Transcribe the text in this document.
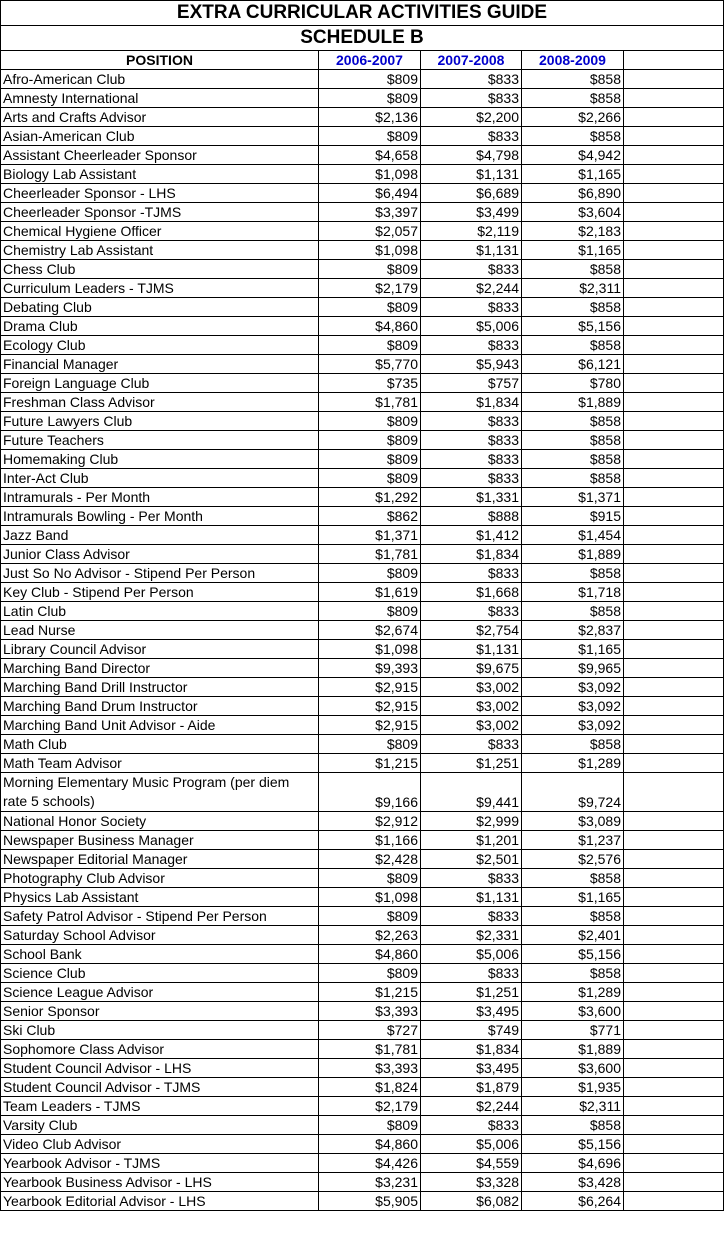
EXTRA CURRICULAR ACTIVITIES GUIDE				
SCHEDULE B				
POSITION	2006-2007	2007-2008	2008-2009	
Afro-American Club	$809	$833	$858	
Amnesty International	$809	$833	$858	
Arts and Crafts Advisor	$2,136	$2,200	$2,266	
Asian-American Club	$809	$833	$858	
Assistant Cheerleader Sponsor	$4,658	$4,798	$4,942	
Biology Lab Assistant	$1,098	$1,131	$1,165	
Cheerleader Sponsor - LHS	$6,494	$6,689	$6,890	
Cheerleader Sponsor -TJMS	$3,397	$3,499	$3,604	
Chemical Hygiene Officer	$2,057	$2,119	$2,183	
Chemistry Lab Assistant	$1,098	$1,131	$1,165	
Chess Club	$809	$833	$858	
Curriculum Leaders - TJMS	$2,179	$2,244	$2,311	
Debating Club	$809	$833	$858	
Drama Club	$4,860	$5,006	$5,156	
Ecology Club	$809	$833	$858	
Financial Manager	$5,770	$5,943	$6,121	
Foreign Language Club	$735	$757	$780	
Freshman Class Advisor	$1,781	$1,834	$1,889	
Future Lawyers Club	$809	$833	$858	
Future Teachers	$809	$833	$858	
Homemaking Club	$809	$833	$858	
Inter-Act Club	$809	$833	$858	
Intramurals - Per Month	$1,292	$1,331	$1,371	
Intramurals Bowling - Per Month	$862	$888	$915	
Jazz Band	$1,371	$1,412	$1,454	
Junior Class Advisor	$1,781	$1,834	$1,889	
Just So No Advisor - Stipend Per Person	$809	$833	$858	
Key Club - Stipend Per Person	$1,619	$1,668	$1,718	
Latin Club	$809	$833	$858	
Lead Nurse	$2,674	$2,754	$2,837	
Library Council Advisor	$1,098	$1,131	$1,165	
Marching Band Director	$9,393	$9,675	$9,965	
Marching Band Drill Instructor	$2,915	$3,002	$3,092	
Marching Band Drum Instructor	$2,915	$3,002	$3,092	
Marching Band Unit Advisor - Aide	$2,915	$3,002	$3,092	
Math Club	$809	$833	$858	
Math Team Advisor	$1,215	$1,251	$1,289	
Morning Elementary Music Program (per diem rate 5 schools)	$9,166	$9,441	$9,724	
National Honor Society	$2,912	$2,999	$3,089	
Newspaper Business Manager	$1,166	$1,201	$1,237	
Newspaper Editorial Manager	$2,428	$2,501	$2,576	
Photography Club Advisor	$809	$833	$858	
Physics Lab Assistant	$1,098	$1,131	$1,165	
Safety Patrol Advisor - Stipend Per Person	$809	$833	$858	
Saturday School Advisor	$2,263	$2,331	$2,401	
School Bank	$4,860	$5,006	$5,156	
Science Club	$809	$833	$858	
Science League Advisor	$1,215	$1,251	$1,289	
Senior Sponsor	$3,393	$3,495	$3,600	
Ski Club	$727	$749	$771	
Sophomore Class Advisor	$1,781	$1,834	$1,889	
Student Council Advisor - LHS	$3,393	$3,495	$3,600	
Student Council Advisor - TJMS	$1,824	$1,879	$1,935	
Team Leaders - TJMS	$2,179	$2,244	$2,311	
Varsity Club	$809	$833	$858	
Video Club Advisor	$4,860	$5,006	$5,156	
Yearbook Advisor - TJMS	$4,426	$4,559	$4,696	
Yearbook Business Advisor - LHS	$3,231	$3,328	$3,428	
Yearbook Editorial Advisor - LHS	$5,905	$6,082	$6,264	
